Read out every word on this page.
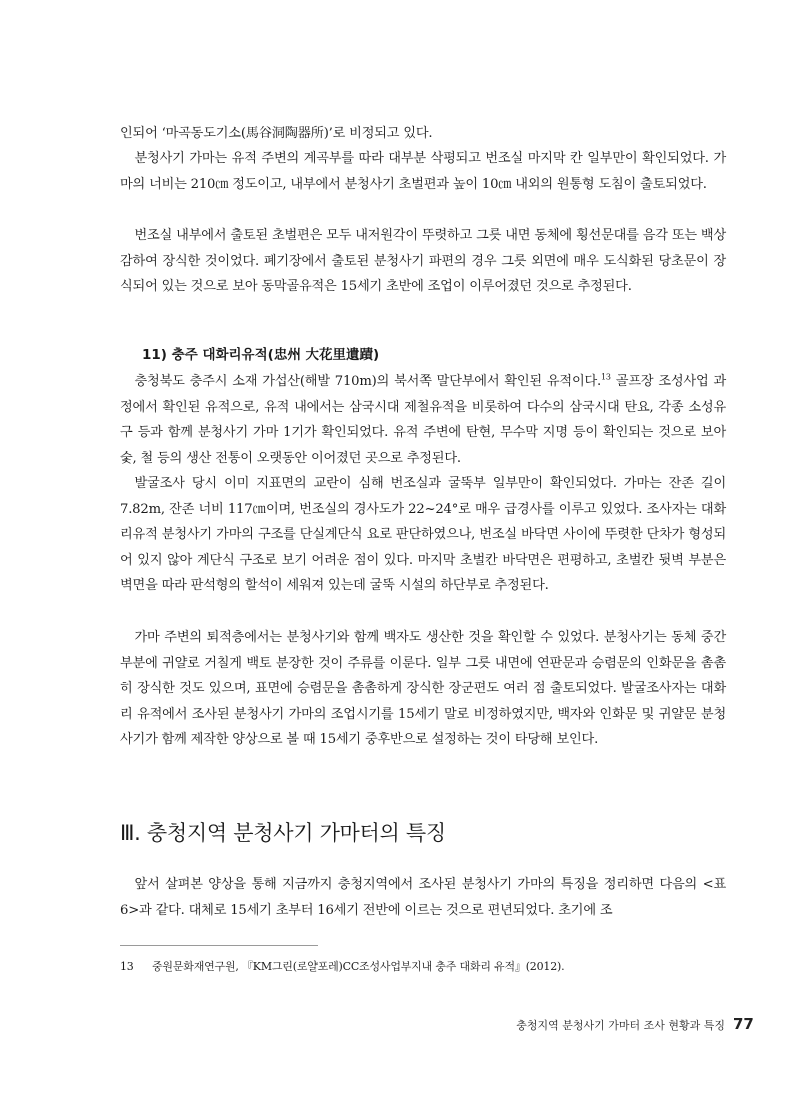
인되어 ‘마곡동도기소(馬谷洞陶器所)’로 비정되고 있다.

분청사기 가마는 유적 주변의 계곡부를 따라 대부분 삭평되고 번조실 마지막 칸 일부만이 확인되었다. 가마의 너비는 210㎝ 정도이고, 내부에서 분청사기 초벌편과 높이 10㎝ 내외의 원통형 도침이 출토되었다.

번조실 내부에서 출토된 초벌편은 모두 내저원각이 뚜렷하고 그릇 내면 동체에 횡선문대를 음각 또는 백상감하여 장식한 것이었다. 폐기장에서 출토된 분청사기 파편의 경우 그릇 외면에 매우 도식화된 당초문이 장식되어 있는 것으로 보아 동막골유적은 15세기 초반에 조업이 이루어졌던 것으로 추정된다.

11) 충주 대화리유적(忠州 大花里遺蹟)

충청북도 충주시 소재 가섭산(해발 710m)의 북서쪽 말단부에서 확인된 유적이다.$^{13}$ 골프장 조성사업 과정에서 확인된 유적으로, 유적 내에서는 삼국시대 제철유적을 비롯하여 다수의 삼국시대 탄요, 각종 소성유구 등과 함께 분청사기 가마 1기가 확인되었다. 유적 주변에 탄현, 무수막 지명 등이 확인되는 것으로 보아 숯, 철 등의 생산 전통이 오랫동안 이어졌던 곳으로 추정된다.

발굴조사 당시 이미 지표면의 교란이 심해 번조실과 굴뚝부 일부만이 확인되었다. 가마는 잔존 길이 7.82m, 잔존 너비 117㎝이며, 번조실의 경사도가 22~24°로 매우 급경사를 이루고 있었다. 조사자는 대화리유적 분청사기 가마의 구조를 단실계단식 요로 판단하였으나, 번조실 바닥면 사이에 뚜렷한 단차가 형성되어 있지 않아 계단식 구조로 보기 어려운 점이 있다. 마지막 초벌칸 바닥면은 편평하고, 초벌칸 뒷벽 부분은 벽면을 따라 판석형의 할석이 세워져 있는데 굴뚝 시설의 하단부로 추정된다.

가마 주변의 퇴적층에서는 분청사기와 함께 백자도 생산한 것을 확인할 수 있었다. 분청사기는 동체 중간 부분에 귀얄로 거칠게 백토 분장한 것이 주류를 이룬다. 일부 그릇 내면에 연판문과 승렴문의 인화문을 촘촘히 장식한 것도 있으며, 표면에 승렴문을 촘촘하게 장식한 장군편도 여러 점 출토되었다. 발굴조사자는 대화리 유적에서 조사된 분청사기 가마의 조업시기를 15세기 말로 비정하였지만, 백자와 인화문 및 귀얄문 분청사기가 함께 제작한 양상으로 볼 때 15세기 중후반으로 설정하는 것이 타당해 보인다.

Ⅲ. 충청지역 분청사기 가마터의 특징

앞서 살펴본 양상을 통해 지금까지 충청지역에서 조사된 분청사기 가마의 특징을 정리하면 다음의 <표6>과 같다. 대체로 15세기 초부터 16세기 전반에 이르는 것으로 편년되었다. 초기에 조

13 중원문화재연구원, 『KM그린(로얄포레)CC조성사업부지내 충주 대화리 유적』(2012).
충청지역 분청사기 가마터 조사 현황과 특징 77
